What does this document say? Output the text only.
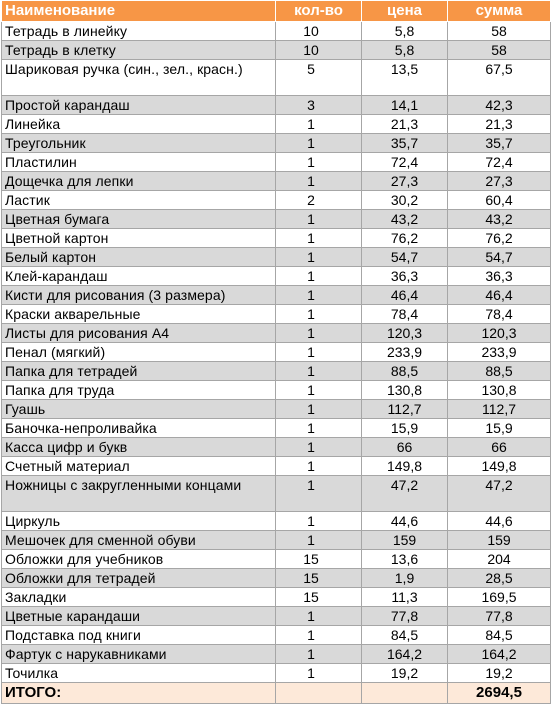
Наименование	кол-во	цена	сумма
Тетрадь в линейку	10	5,8	58
Тетрадь в клетку	10	5,8	58
Шариковая ручка (син., зел., красн.)	5	13,5	67,5
Простой карандаш	3	14,1	42,3
Линейка	1	21,3	21,3
Треугольник	1	35,7	35,7
Пластилин	1	72,4	72,4
Дощечка для лепки	1	27,3	27,3
Ластик	2	30,2	60,4
Цветная бумага	1	43,2	43,2
Цветной картон	1	76,2	76,2
Белый картон	1	54,7	54,7
Клей-карандаш	1	36,3	36,3
Кисти для рисования (3 размера)	1	46,4	46,4
Краски акварельные	1	78,4	78,4
Листы для рисования А4	1	120,3	120,3
Пенал (мягкий)	1	233,9	233,9
Папка для тетрадей	1	88,5	88,5
Папка для труда	1	130,8	130,8
Гуашь	1	112,7	112,7
Баночка-непроливайка	1	15,9	15,9
Касса цифр и букв	1	66	66
Счетный материал	1	149,8	149,8
Ножницы с закругленными концами	1	47,2	47,2
Циркуль	1	44,6	44,6
Мешочек для сменной обуви	1	159	159
Обложки для учебников	15	13,6	204
Обложки для тетрадей	15	1,9	28,5
Закладки	15	11,3	169,5
Цветные карандаши	1	77,8	77,8
Подставка под книги	1	84,5	84,5
Фартук с нарукавниками	1	164,2	164,2
Точилка	1	19,2	19,2
ИТОГО:			2694,5
